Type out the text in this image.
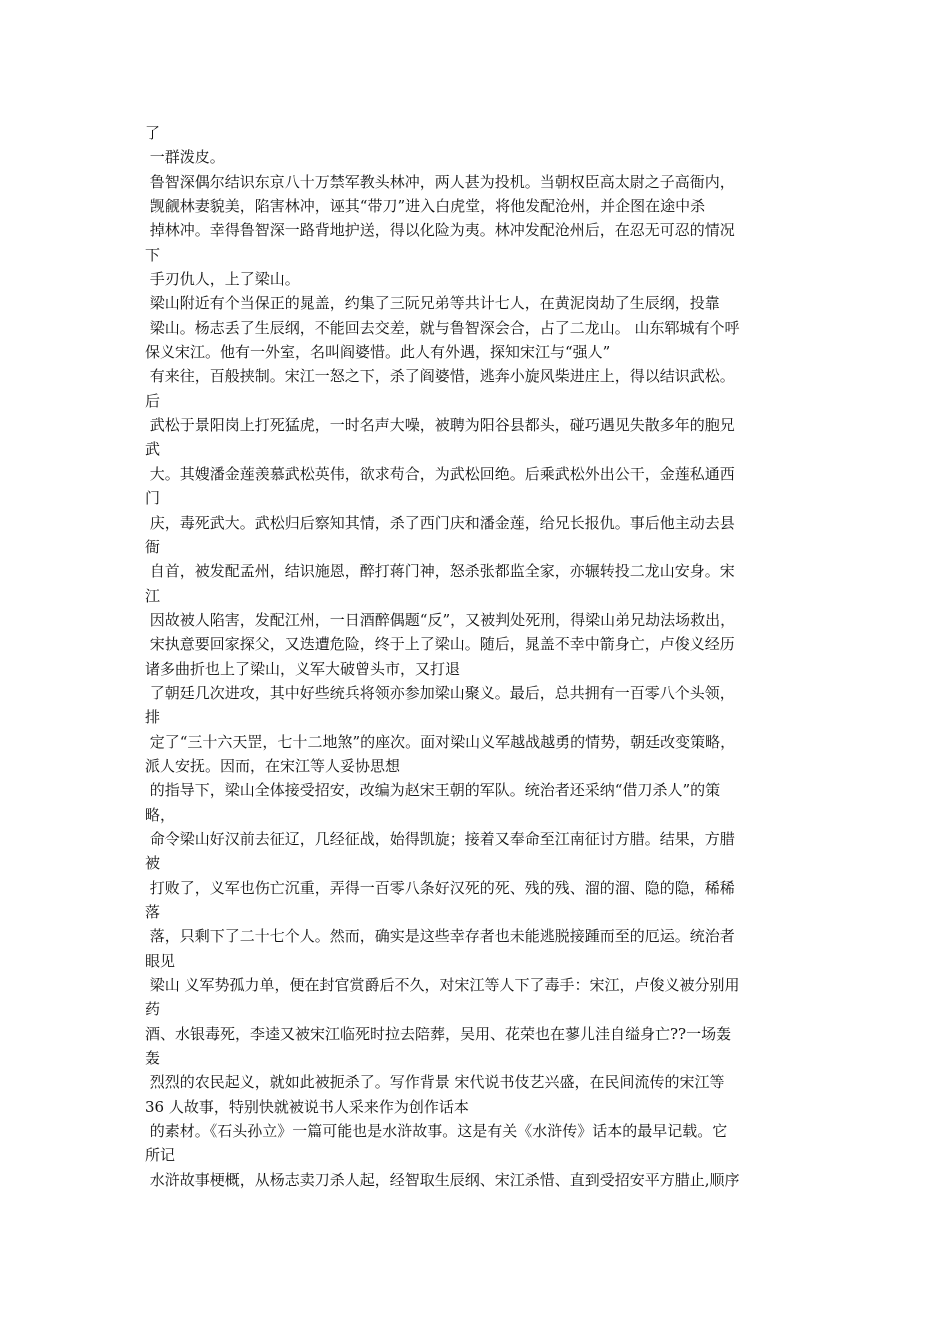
了
一群泼皮。
鲁智深偶尔结识东京八十万禁军教头林冲，两人甚为投机。当朝权臣高太尉之子高衙内，
觊觎林妻貌美，陷害林冲，诬其“带刀”进入白虎堂，将他发配沧州，并企图在途中杀
掉林冲。幸得鲁智深一路背地护送，得以化险为夷。林冲发配沧州后，在忍无可忍的情况
下
手刃仇人，上了梁山。
梁山附近有个当保正的晁盖，约集了三阮兄弟等共计七人，在黄泥岗劫了生辰纲，投靠
梁山。杨志丢了生辰纲，不能回去交差，就与鲁智深会合，占了二龙山。 山东郓城有个呼
保义宋江。他有一外室，名叫阎婆惜。此人有外遇，探知宋江与“强人”
有来往，百般挟制。宋江一怒之下，杀了阎婆惜，逃奔小旋风柴进庄上，得以结识武松。
后
武松于景阳岗上打死猛虎，一时名声大噪，被聘为阳谷县都头，碰巧遇见失散多年的胞兄
武
大。其嫂潘金莲羡慕武松英伟，欲求苟合，为武松回绝。后乘武松外出公干，金莲私通西
门
庆，毒死武大。武松归后察知其情，杀了西门庆和潘金莲，给兄长报仇。事后他主动去县
衙
自首，被发配孟州，结识施恩，醉打蒋门神，怒杀张都监全家，亦辗转投二龙山安身。宋
江
因故被人陷害，发配江州，一日酒醉偶题“反”，又被判处死刑，得梁山弟兄劫法场救出，
宋执意要回家探父，又迭遭危险，终于上了梁山。随后，晁盖不幸中箭身亡，卢俊义经历
诸多曲折也上了梁山，义军大破曾头市，又打退
了朝廷几次进攻，其中好些统兵将领亦参加梁山聚义。最后，总共拥有一百零八个头领，
排
定了“三十六天罡，七十二地煞”的座次。面对梁山义军越战越勇的情势，朝廷改变策略，
派人安抚。因而，在宋江等人妥协思想
的指导下，梁山全体接受招安，改编为赵宋王朝的军队。统治者还采纳“借刀杀人”的策
略，
命令梁山好汉前去征辽，几经征战，始得凯旋；接着又奉命至江南征讨方腊。结果，方腊
被
打败了，义军也伤亡沉重，弄得一百零八条好汉死的死、残的残、溜的溜、隐的隐，稀稀
落
落，只剩下了二十七个人。然而，确实是这些幸存者也未能逃脱接踵而至的厄运。统治者
眼见
梁山 义军势孤力单，便在封官赏爵后不久，对宋江等人下了毒手：宋江，卢俊义被分别用
药
酒、水银毒死，李逵又被宋江临死时拉去陪葬，吴用、花荣也在蓼儿洼自缢身亡??一场轰
轰
烈烈的农民起义，就如此被扼杀了。写作背景 宋代说书伎艺兴盛，在民间流传的宋江等
36 人故事，特别快就被说书人采来作为创作话本
的素材。《石头孙立》一篇可能也是水浒故事。这是有关《水浒传》话本的最早记载。它
所记
水浒故事梗概，从杨志卖刀杀人起，经智取生辰纲、宋江杀惜、直到受招安平方腊止,顺序
